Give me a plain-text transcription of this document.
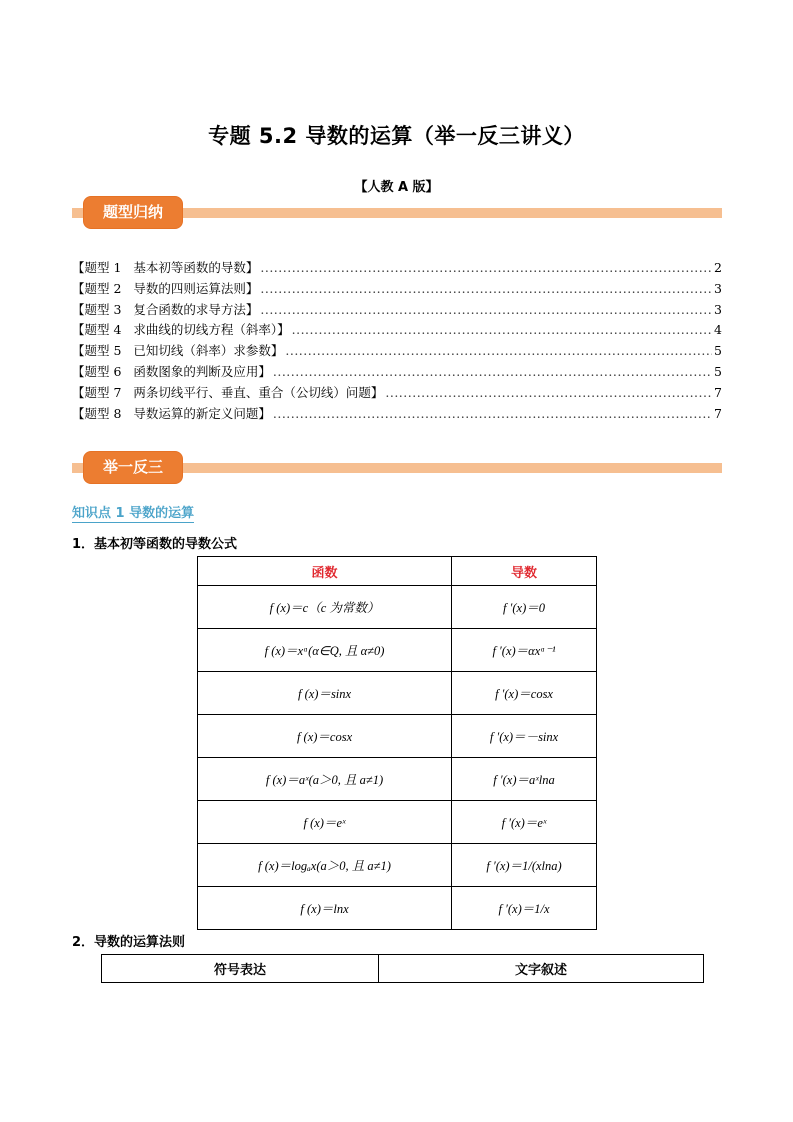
专题 5.2 导数的运算（举一反三讲义）
【人教 A 版】
题型归纳
【题型 1 基本初等函数的导数】 .....	2
【题型 2 导数的四则运算法则】 .....	3
【题型 3 复合函数的求导方法】 .....	3
【题型 4 求曲线的切线方程（斜率）】 .....	4
【题型 5 已知切线（斜率）求参数】 .....	5
【题型 6 函数图象的判断及应用】 .....	5
【题型 7 两条切线平行、垂直、重合（公切线）问题】 .....	7
【题型 8 导数运算的新定义问题】 .....	7
举一反三
知识点 1 导数的运算
1．基本初等函数的导数公式
函数	导数
f (x)＝c（c 为常数）	f ′(x)＝0
f (x)＝xᵅ(α∈Q, 且 α≠0)	f ′(x)＝αxᵅ⁻¹
f (x)＝sinx	f ′(x)＝cosx
f (x)＝cosx	f ′(x)＝－sinx
f (x)＝aˣ(a＞0, 且 a≠1)	f ′(x)＝aˣlna
f (x)＝eˣ	f ′(x)＝eˣ
f (x)＝logₐx(a＞0, 且 a≠1)	f ′(x)＝1/(xlna)
f (x)＝lnx	f ′(x)＝1/x
2．导数的运算法则
符号表达	文字叙述
